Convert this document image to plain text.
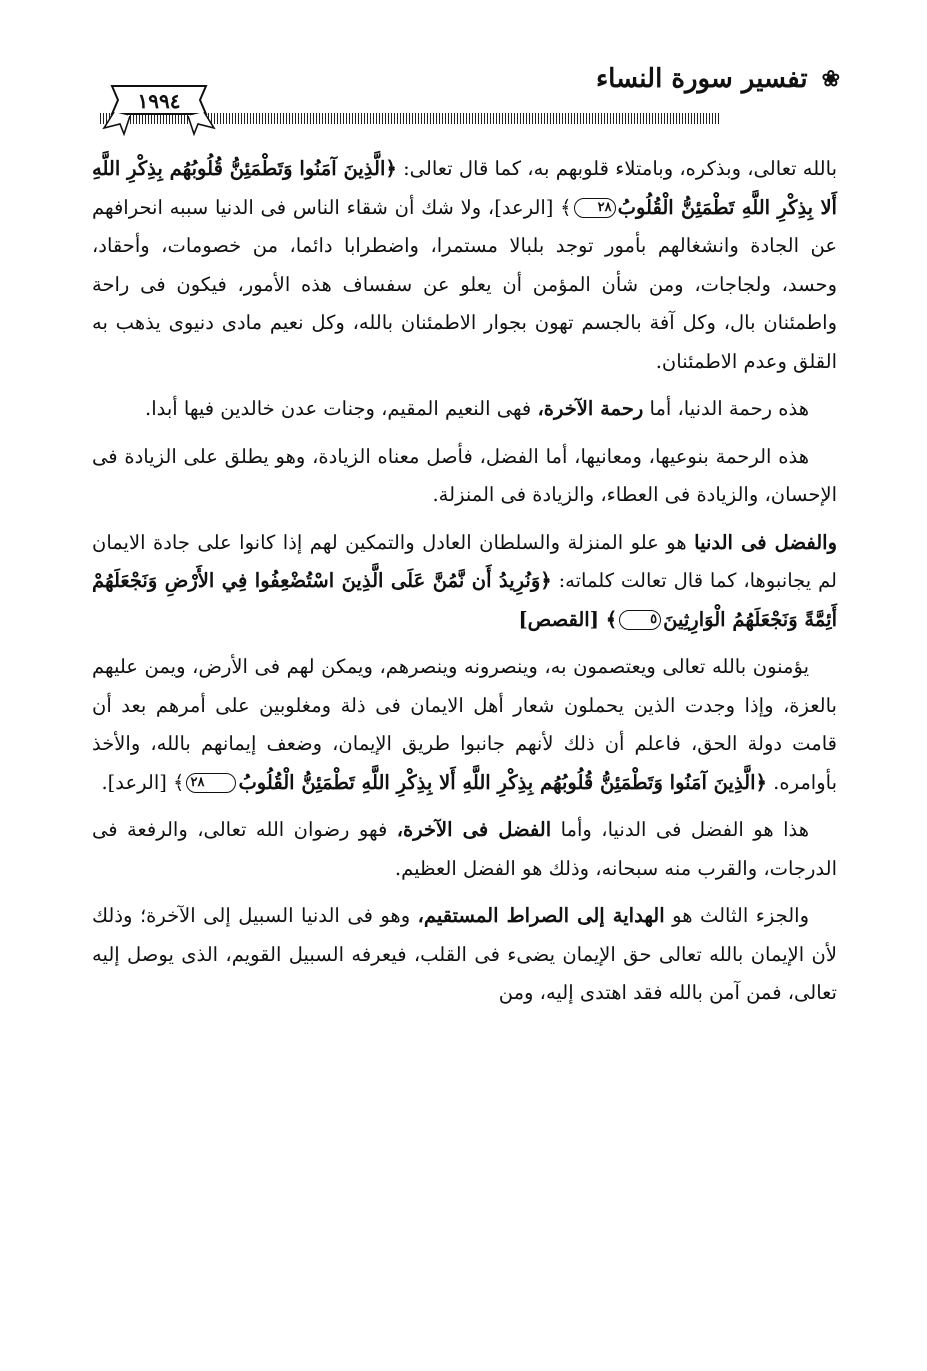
❀تفسير سورة النساء
١٩٩٤

بالله تعالى، وبذكره، وبامتلاء قلوبهم به، كما قال تعالى: ﴿الَّذِينَ آمَنُوا وَتَطْمَئِنُّ قُلُوبُهُم بِذِكْرِ اللَّهِ أَلا بِذِكْرِ اللَّهِ تَطْمَئِنُّ الْقُلُوبُ٢٨﴾ [الرعد]، ولا شك أن شقاء الناس فى الدنيا سببه انحرافهم عن الجادة وانشغالهم بأمور توجد بلبالا مستمرا، واضطرابا دائما، من خصومات، وأحقاد، وحسد، ولجاجات، ومن شأن المؤمن أن يعلو عن سفساف هذه الأمور، فيكون فى راحة واطمئنان بال، وكل آفة بالجسم تهون بجوار الاطمئنان بالله، وكل نعيم مادى دنيوى يذهب به القلق وعدم الاطمئنان.

هذه رحمة الدنيا، أما رحمة الآخرة، فهى النعيم المقيم، وجنات عدن خالدين فيها أبدا.

هذه الرحمة بنوعيها، ومعانيها، أما الفضل، فأصل معناه الزيادة، وهو يطلق على الزيادة فى الإحسان، والزيادة فى العطاء، والزيادة فى المنزلة.

والفضل فى الدنيا هو علو المنزلة والسلطان العادل والتمكين لهم إذا كانوا على جادة الايمان لم يجانبوها، كما قال تعالت كلماته: ﴿وَنُرِيدُ أَن نَّمُنَّ عَلَى الَّذِينَ اسْتُضْعِفُوا فِي الأَرْضِ وَنَجْعَلَهُمْ أَئِمَّةً وَنَجْعَلَهُمُ الْوَارِثِينَ٥﴾ [القصص]

يؤمنون بالله تعالى ويعتصمون به، وينصرونه وينصرهم، ويمكن لهم فى الأرض، ويمن عليهم بالعزة، وإذا وجدت الذين يحملون شعار أهل الايمان فى ذلة ومغلوبين على أمرهم بعد أن قامت دولة الحق، فاعلم أن ذلك لأنهم جانبوا طريق الإيمان، وضعف إيمانهم بالله، والأخذ بأوامره. ﴿الَّذِينَ آمَنُوا وَتَطْمَئِنُّ قُلُوبُهُم بِذِكْرِ اللَّهِ أَلا بِذِكْرِ اللَّهِ تَطْمَئِنُّ الْقُلُوبُ٢٨﴾ [الرعد].

هذا هو الفضل فى الدنيا، وأما الفضل فى الآخرة، فهو رضوان الله تعالى، والرفعة فى الدرجات، والقرب منه سبحانه، وذلك هو الفضل العظيم.

والجزء الثالث هو الهداية إلى الصراط المستقيم، وهو فى الدنيا السبيل إلى الآخرة؛ وذلك لأن الإيمان بالله تعالى حق الإيمان يضىء فى القلب، فيعرفه السبيل القويم، الذى يوصل إليه تعالى، فمن آمن بالله فقد اهتدى إليه، ومن
